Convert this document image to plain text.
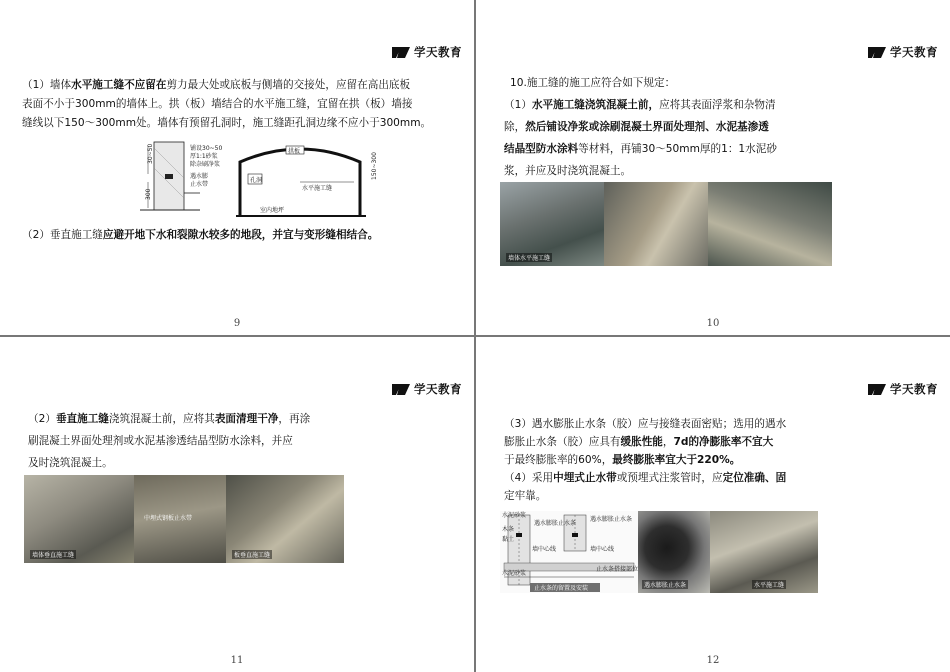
学天教育
（1）墙体水平施工缝不应留在剪力最大处或底板与侧墙的交接处，应留在高出底板
表面不小于300mm的墙体上。拱（板）墙结合的水平施工缝，宜留在拱（板）墙接
缝线以下150～300mm处。墙体有预留孔洞时，施工缝距孔洞边缘不应小于300mm。
30~50
300
铺设30~50
厚1:1砂浆
除杂刷净浆
遇水膨
止水带
拱板
孔洞
水平施工缝
室内地坪
150~300
（2）垂直施工缝应避开地下水和裂隙水较多的地段，并宜与变形缝相结合。
9
学天教育
10.施工缝的施工应符合如下规定：
（1）水平施工缝浇筑混凝土前，应将其表面浮浆和杂物清
除，然后铺设净浆或涂刷混凝土界面处理剂、水泥基渗透
结晶型防水涂料等材料，再铺30～50mm厚的1：1水泥砂
浆，并应及时浇筑混凝土。
墙体水平施工缝
10
学天教育
（2）垂直施工缝浇筑混凝土前，应将其表面清理干净，再涂
刷混凝土界面处理剂或水泥基渗透结晶型防水涂料，并应
及时浇筑混凝土。
墙体垂直施工缝
中埋式钢板止水带
板垂直施工缝
11
学天教育
（3）遇水膨胀止水条（胶）应与接缝表面密贴；选用的遇水
膨胀止水条（胶）应具有缓胀性能，7d的净膨胀率不宜大
于最终膨胀率的60%，最终膨胀率宜大于220%。
（4）采用中埋式止水带或预埋式注浆管时，应定位准确、固
定牢靠。
水泥砂浆
遇水膨胀止水条
遇水膨胀止水条
墙中心线	墙中心线
止水条搭接部位
水泥砂浆
木条
黏土
止水条的留置及安装	遇水膨胀止水条	水平施工缝
12
